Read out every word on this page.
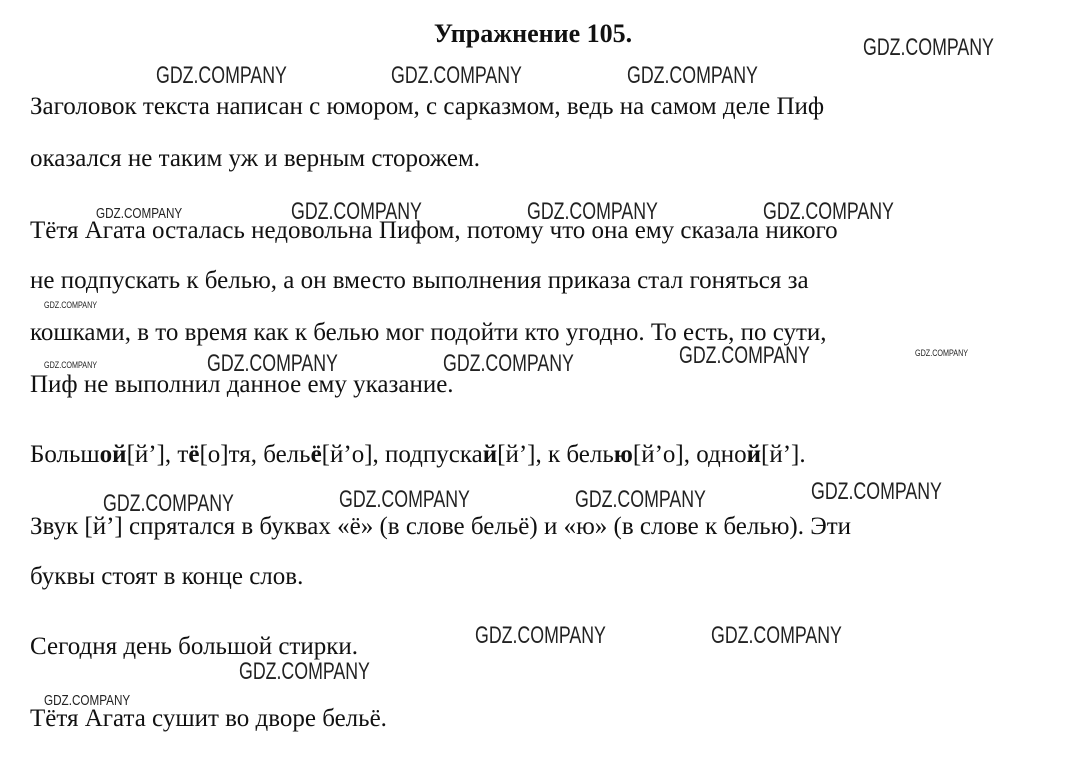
Упражнение 105.
Заголовок текста написан с юмором, с сарказмом, ведь на самом деле Пиф
оказался не таким уж и верным сторожем.
Тётя Агата осталась недовольна Пифом, потому что она ему сказала никого
не подпускать к белью, а он вместо выполнения приказа стал гоняться за
кошками, в то время как к белью мог подойти кто угодно. То есть, по сути,
Пиф не выполнил данное ему указание.
Большой[й’], тё[о]тя, бельё[й’о], подпускай[й’], к белью[й’о], одной[й’].
Звук [й’] спрятался в буквах «ё» (в слове бельё) и «ю» (в слове к белью). Эти
буквы стоят в конце слов.
Сегодня день большой стирки.
Тётя Агата сушит во дворе бельё.
GDZ.COMPANY
GDZ.COMPANY	GDZ.COMPANY	GDZ.COMPANY
GDZ.COMPANY	GDZ.COMPANY	GDZ.COMPANY	GDZ.COMPANY
GDZ.COMPANY
GDZ.COMPANY	GDZ.COMPANY	GDZ.COMPANY	GDZ.COMPANY	GDZ.COMPANY
GDZ.COMPANY	GDZ.COMPANY	GDZ.COMPANY	GDZ.COMPANY
GDZ.COMPANY	GDZ.COMPANY
GDZ.COMPANY
GDZ.COMPANY
